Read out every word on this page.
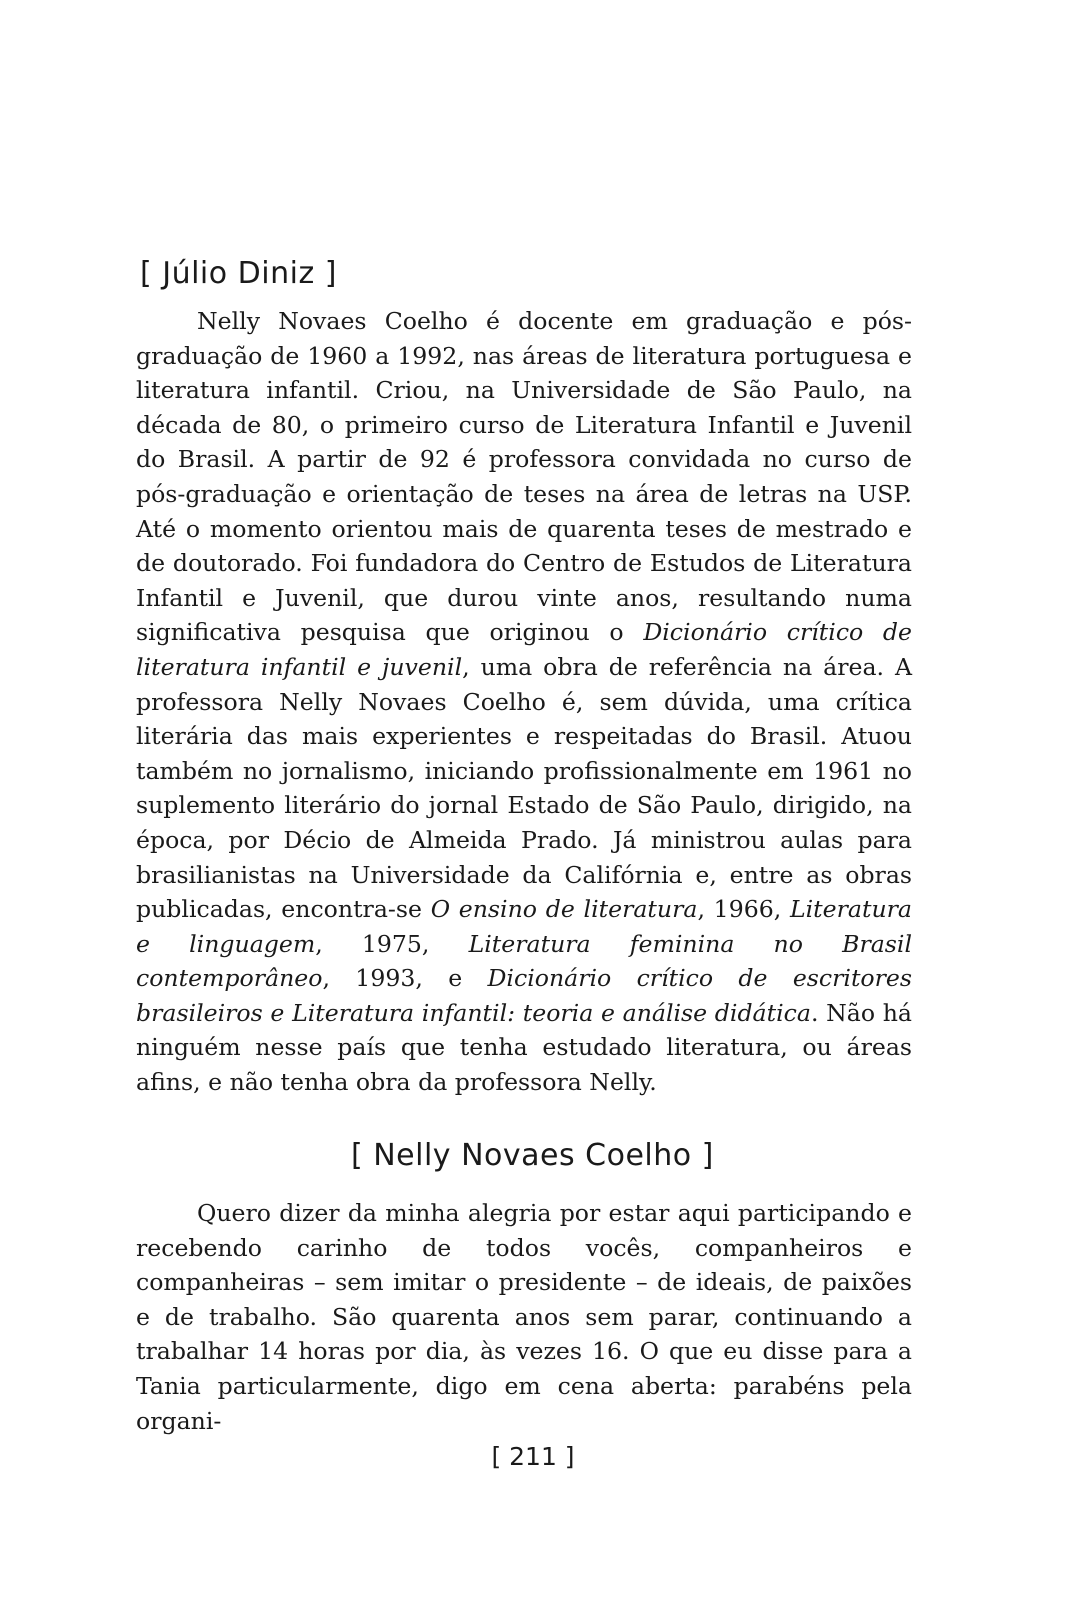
[ Júlio Diniz ]

Nelly Novaes Coelho é docente em graduação e pós-graduação de 1960 a 1992, nas áreas de literatura portuguesa e literatura infantil. Criou, na Universidade de São Paulo, na década de 80, o primeiro curso de Literatura Infantil e Juvenil do Brasil. A partir de 92 é professora convidada no curso de pós-graduação e orientação de teses na área de letras na USP. Até o momento orientou mais de quarenta teses de mestrado e de doutorado. Foi fundadora do Centro de Estudos de Literatura Infantil e Juvenil, que durou vinte anos, resultando numa significativa pesquisa que originou o Dicionário crítico de literatura infantil e juvenil, uma obra de referência na área. A professora Nelly Novaes Coelho é, sem dúvida, uma crítica literária das mais experientes e respeitadas do Brasil. Atuou também no jornalismo, iniciando profissionalmente em 1961 no suplemento literário do jornal Estado de São Paulo, dirigido, na época, por Décio de Almeida Prado. Já ministrou aulas para brasilianistas na Universidade da Califórnia e, entre as obras publicadas, encontra-se O ensino de literatura, 1966, Literatura e linguagem, 1975, Literatura feminina no Brasil contemporâneo, 1993, e Dicionário crítico de escritores brasileiros e Literatura infantil: teoria e análise didática. Não há ninguém nesse país que tenha estudado literatura, ou áreas afins, e não tenha obra da professora Nelly.

[ Nelly Novaes Coelho ]

Quero dizer da minha alegria por estar aqui participando e recebendo carinho de todos vocês, companheiros e companheiras – sem imitar o presidente – de ideais, de paixões e de trabalho. São quarenta anos sem parar, continuando a trabalhar 14 horas por dia, às vezes 16. O que eu disse para a Tania particularmente, digo em cena aberta: parabéns pela organi-

[ 211 ]
